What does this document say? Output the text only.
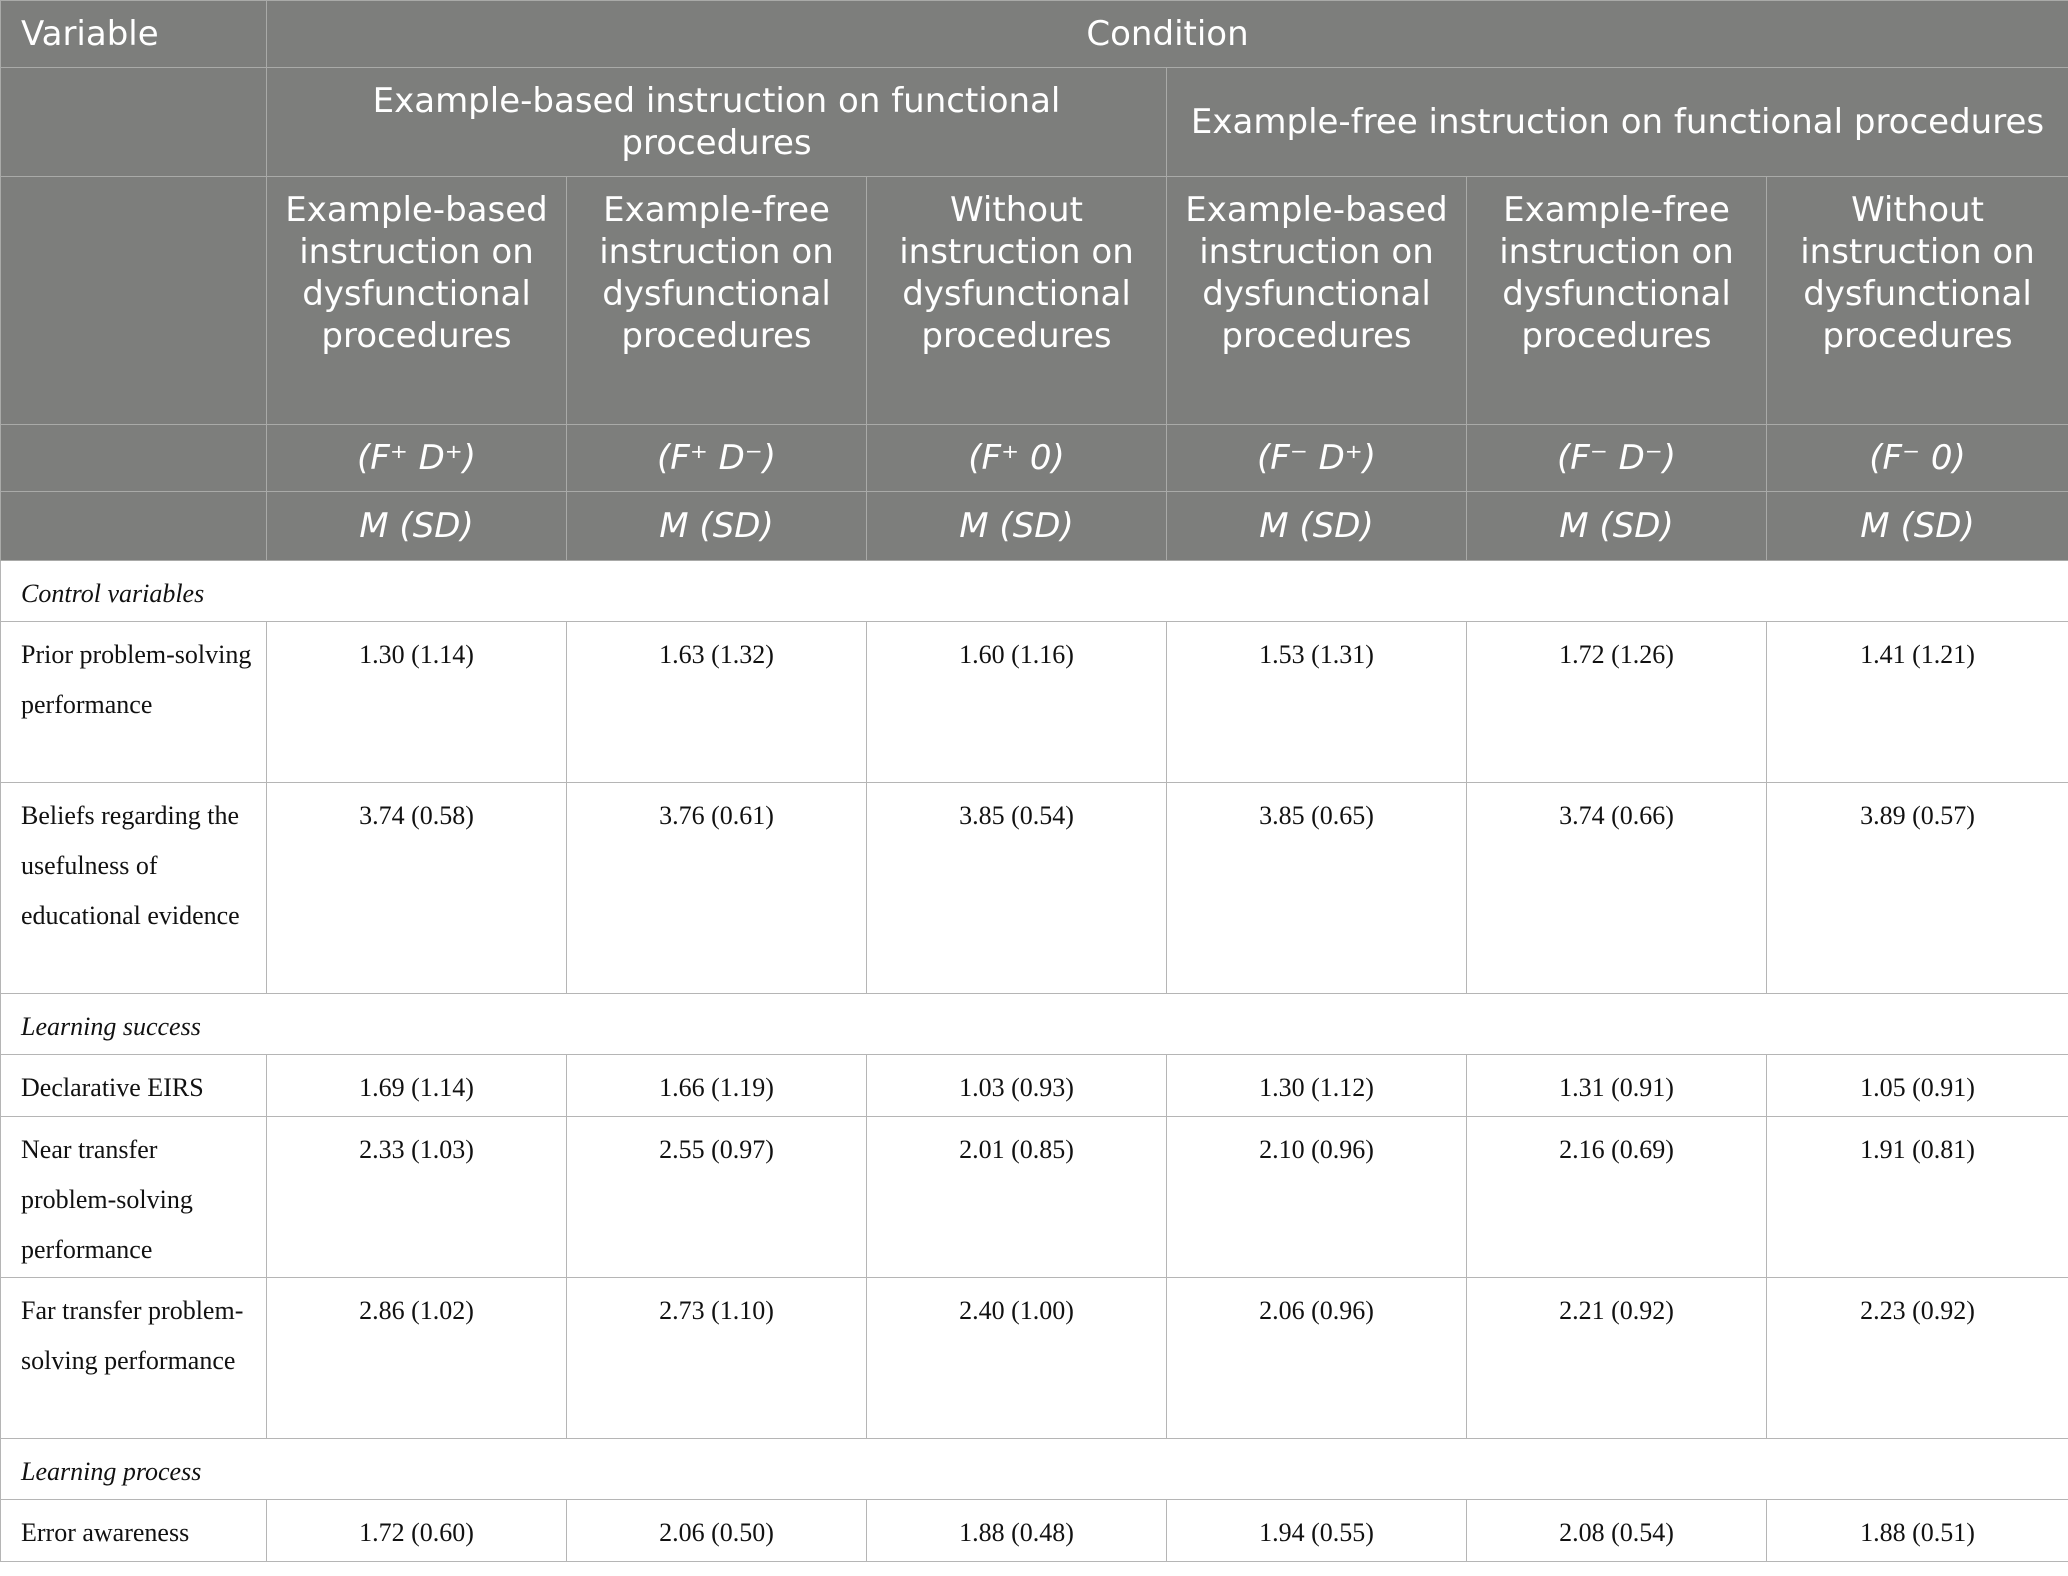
Variable	Condition					
	Example-based instruction on functional procedures			Example-free instruction on functional procedures		
	Example-based instruction on dysfunctional procedures	Example-free instruction on dysfunctional procedures	Without instruction on dysfunctional procedures	Example-based instruction on dysfunctional procedures	Example-free instruction on dysfunctional procedures	Without instruction on dysfunctional procedures
	(F⁺ D⁺)	(F⁺ D⁻)	(F⁺ 0)	(F⁻ D⁺)	(F⁻ D⁻)	(F⁻ 0)
	M (SD)	M (SD)	M (SD)	M (SD)	M (SD)	M (SD)
Control variables						
Prior problem-solving performance	1.30 (1.14)	1.63 (1.32)	1.60 (1.16)	1.53 (1.31)	1.72 (1.26)	1.41 (1.21)
Beliefs regarding the usefulness of educational evidence	3.74 (0.58)	3.76 (0.61)	3.85 (0.54)	3.85 (0.65)	3.74 (0.66)	3.89 (0.57)
Learning success						
Declarative EIRS	1.69 (1.14)	1.66 (1.19)	1.03 (0.93)	1.30 (1.12)	1.31 (0.91)	1.05 (0.91)
Near transfer problem-solving performance	2.33 (1.03)	2.55 (0.97)	2.01 (0.85)	2.10 (0.96)	2.16 (0.69)	1.91 (0.81)
Far transfer problem-solving performance	2.86 (1.02)	2.73 (1.10)	2.40 (1.00)	2.06 (0.96)	2.21 (0.92)	2.23 (0.92)
Learning process						
Error awareness	1.72 (0.60)	2.06 (0.50)	1.88 (0.48)	1.94 (0.55)	2.08 (0.54)	1.88 (0.51)
